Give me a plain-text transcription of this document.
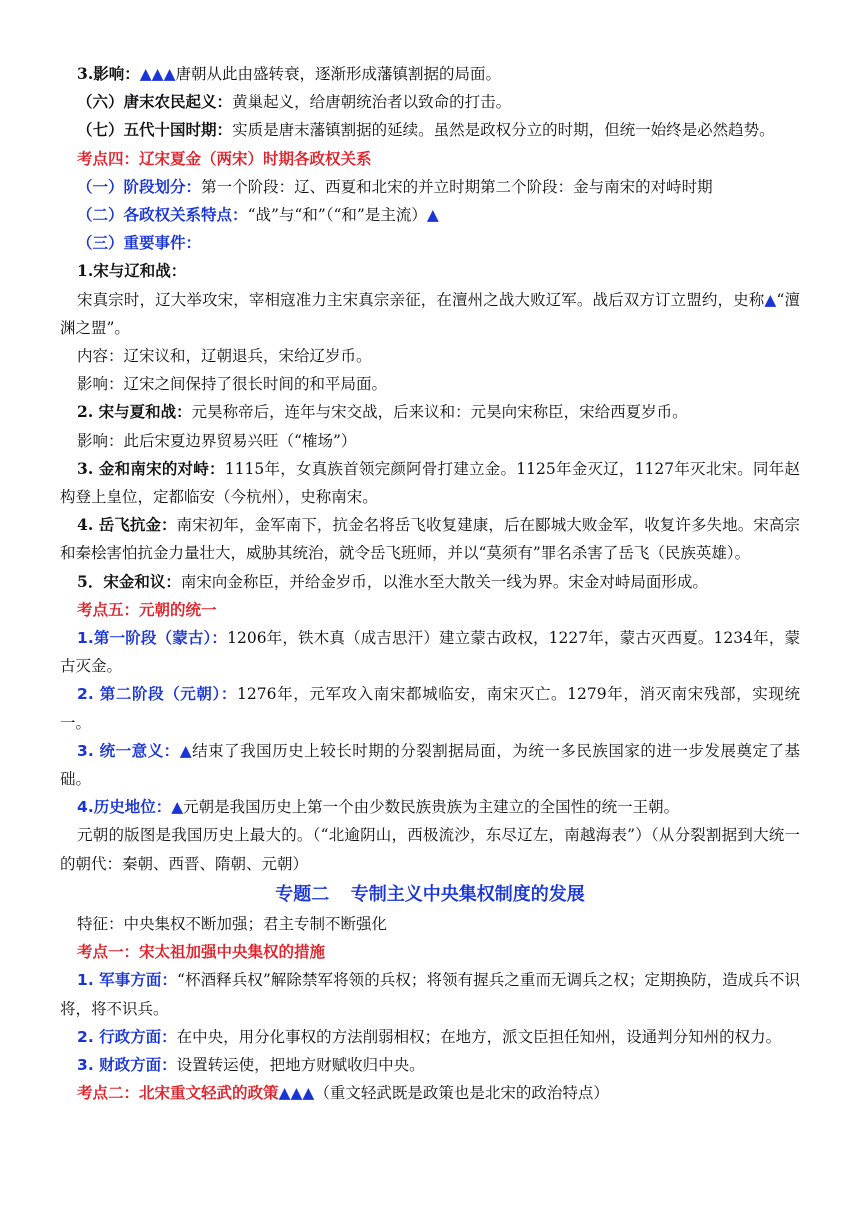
3.影响：▲▲▲唐朝从此由盛转衰，逐渐形成藩镇割据的局面。

（六）唐末农民起义：黄巢起义，给唐朝统治者以致命的打击。

（七）五代十国时期：实质是唐末藩镇割据的延续。虽然是政权分立的时期，但统一始终是必然趋势。

考点四：辽宋夏金（两宋）时期各政权关系

（一）阶段划分：第一个阶段：辽、西夏和北宋的并立时期第二个阶段：金与南宋的对峙时期

（二）各政权关系特点：“战”与“和”（“和”是主流）▲

（三）重要事件：

1.宋与辽和战：

宋真宗时，辽大举攻宋，宰相寇准力主宋真宗亲征，在澶州之战大败辽军。战后双方订立盟约，史称▲“澶渊之盟”。

内容：辽宋议和，辽朝退兵，宋给辽岁币。

影响：辽宋之间保持了很长时间的和平局面。

2. 宋与夏和战：元昊称帝后，连年与宋交战，后来议和：元昊向宋称臣，宋给西夏岁币。

影响：此后宋夏边界贸易兴旺（“榷场”）

3. 金和南宋的对峙：1115年，女真族首领完颜阿骨打建立金。1125年金灭辽，1127年灭北宋。同年赵构登上皇位，定都临安（今杭州），史称南宋。

4. 岳飞抗金：南宋初年，金军南下，抗金名将岳飞收复建康，后在郾城大败金军，收复许多失地。宋高宗和秦桧害怕抗金力量壮大，威胁其统治，就令岳飞班师，并以“莫须有”罪名杀害了岳飞（民族英雄）。

5．宋金和议：南宋向金称臣，并给金岁币，以淮水至大散关一线为界。宋金对峙局面形成。

考点五：元朝的统一

1.第一阶段（蒙古）：1206年，铁木真（成吉思汗）建立蒙古政权，1227年，蒙古灭西夏。1234年，蒙古灭金。

2. 第二阶段（元朝）：1276年，元军攻入南宋都城临安，南宋灭亡。1279年，消灭南宋残部，实现统一。

3. 统一意义：▲结束了我国历史上较长时期的分裂割据局面，为统一多民族国家的进一步发展奠定了基础。

4.历史地位：▲元朝是我国历史上第一个由少数民族贵族为主建立的全国性的统一王朝。

元朝的版图是我国历史上最大的。（“北逾阴山，西极流沙，东尽辽左，南越海表”）（从分裂割据到大统一的朝代：秦朝、西晋、隋朝、元朝）

专题二 专制主义中央集权制度的发展

特征：中央集权不断加强；君主专制不断强化

考点一：宋太祖加强中央集权的措施

1. 军事方面：“杯酒释兵权”解除禁军将领的兵权；将领有握兵之重而无调兵之权；定期换防，造成兵不识将，将不识兵。

2. 行政方面：在中央，用分化事权的方法削弱相权；在地方，派文臣担任知州，设通判分知州的权力。

3. 财政方面：设置转运使，把地方财赋收归中央。

考点二：北宋重文轻武的政策▲▲▲（重文轻武既是政策也是北宋的政治特点）
